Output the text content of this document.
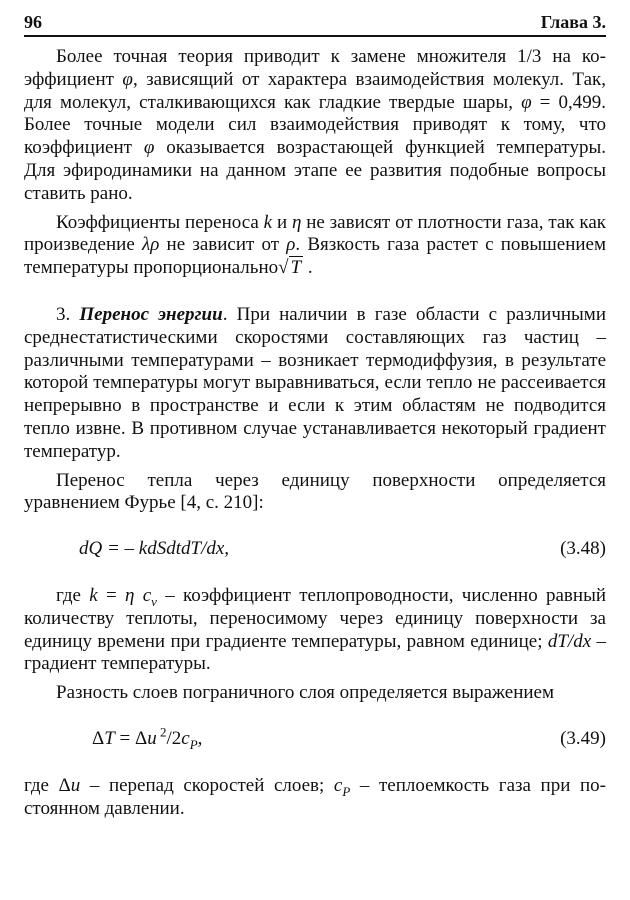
96	Глава 3.

Более точная теория приводит к замене множителя 1/3 на коэффициент φ, зависящий от характера взаимодействия молекул. Так, для молекул, сталкивающихся как гладкие твердые шары, φ = 0,499. Более точные модели сил взаимодействия приводят к тому, что коэффициент φ оказывается возрастающей функцией температуры. Для эфиродинамики на данном этапе ее развития подобные вопросы ставить рано.

Коэффициенты переноса k и η не зависят от плотности газа, так как произведение λρ не зависит от ρ. Вязкость газа растет с повышением температуры пропорционально√ T .

3. Перенос энергии. При наличии в газе области с различными среднестатистическими скоростями составляющих газ частиц – различными температурами – возникает термодиффузия, в результате которой температуры могут выравниваться, если тепло не рассеивается непрерывно в пространстве и если к этим областям не подводится тепло извне. В противном случае устанавливается некоторый градиент температур.

Перенос тепла через единицу поверхности определяется уравнением Фурье [4, с. 210]:

dQ = – kdSdtdT/dx,	(3.48)

где k = η $c_v$ – коэффициент теплопроводности, численно равный количеству теплоты, переносимому через единицу поверхности за единицу времени при градиенте температуры, равном единице; dT/dx – градиент температуры.

Разность слоев пограничного слоя определяется выражением

ΔT = Δu $^2/2c_P$,	(3.49)

где Δu – перепад скоростей слоев; $c_P$ – теплоемкость газа при постоянном давлении.
